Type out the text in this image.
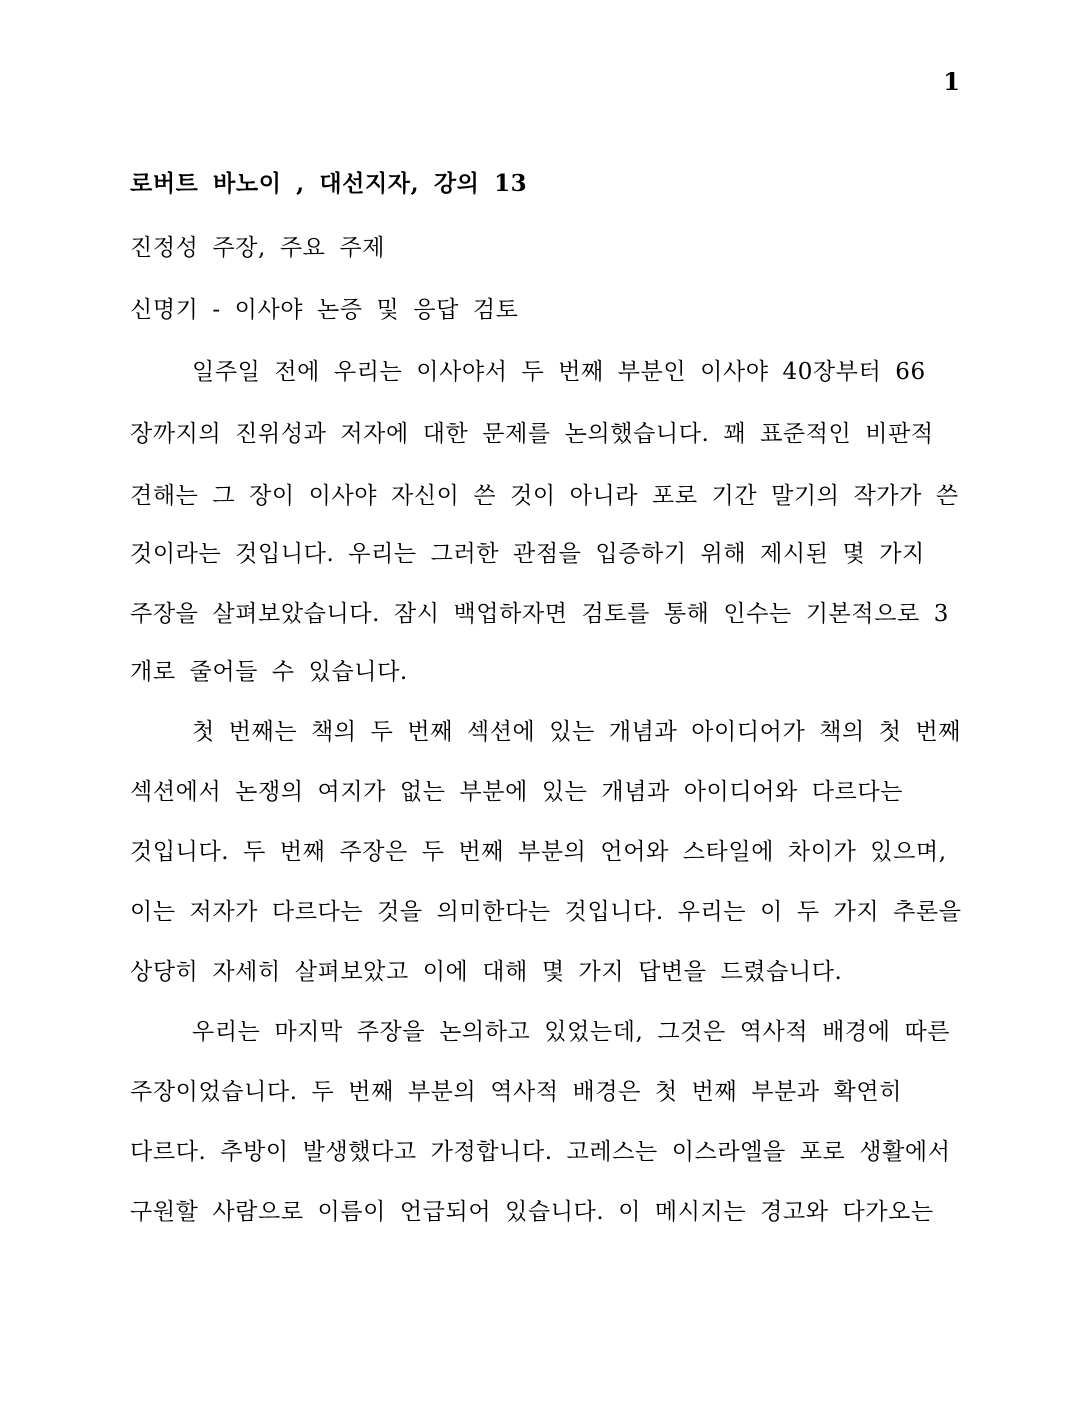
1
로버트 바노이 , 대선지자, 강의 13
진정성 주장, 주요 주제
신명기 - 이사야 논증 및 응답 검토
일주일 전에 우리는 이사야서 두 번째 부분인 이사야 40장부터 66
장까지의 진위성과 저자에 대한 문제를 논의했습니다. 꽤 표준적인 비판적
견해는 그 장이 이사야 자신이 쓴 것이 아니라 포로 기간 말기의 작가가 쓴
것이라는 것입니다. 우리는 그러한 관점을 입증하기 위해 제시된 몇 가지
주장을 살펴보았습니다. 잠시 백업하자면 검토를 통해 인수는 기본적으로 3
개로 줄어들 수 있습니다.
첫 번째는 책의 두 번째 섹션에 있는 개념과 아이디어가 책의 첫 번째
섹션에서 논쟁의 여지가 없는 부분에 있는 개념과 아이디어와 다르다는
것입니다. 두 번째 주장은 두 번째 부분의 언어와 스타일에 차이가 있으며,
이는 저자가 다르다는 것을 의미한다는 것입니다. 우리는 이 두 가지 추론을
상당히 자세히 살펴보았고 이에 대해 몇 가지 답변을 드렸습니다.
우리는 마지막 주장을 논의하고 있었는데, 그것은 역사적 배경에 따른
주장이었습니다. 두 번째 부분의 역사적 배경은 첫 번째 부분과 확연히
다르다. 추방이 발생했다고 가정합니다. 고레스는 이스라엘을 포로 생활에서
구원할 사람으로 이름이 언급되어 있습니다. 이 메시지는 경고와 다가오는
